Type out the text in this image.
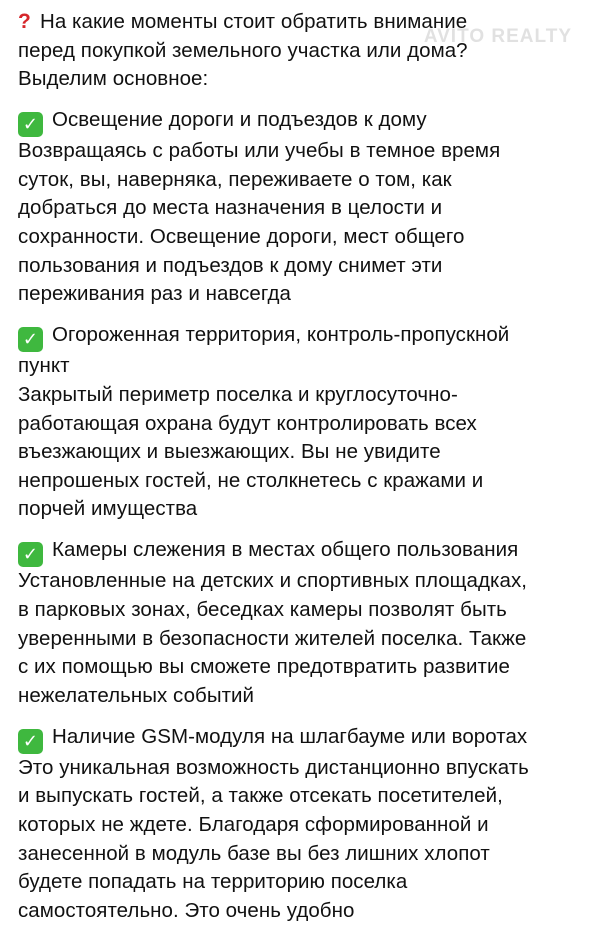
AVITO REALTY
? На какие моменты стоит обратить внимание
перед покупкой земельного участка или дома?
Выделим основное:
✓ Освещение дороги и подъездов к дому
Возвращаясь с работы или учебы в темное время
суток, вы, наверняка, переживаете о том, как
добраться до места назначения в целости и
сохранности. Освещение дороги, мест общего
пользования и подъездов к дому снимет эти
переживания раз и навсегда
✓ Огороженная территория, контроль-пропускной
пункт
Закрытый периметр поселка и круглосуточно-
работающая охрана будут контролировать всех
въезжающих и выезжающих. Вы не увидите
непрошеных гостей, не столкнетесь с кражами и
порчей имущества
✓ Камеры слежения в местах общего пользования
Установленные на детских и спортивных площадках,
в парковых зонах, беседках камеры позволят быть
уверенными в безопасности жителей поселка. Также
с их помощью вы сможете предотвратить развитие
нежелательных событий
✓ Наличие GSM-модуля на шлагбауме или воротах
Это уникальная возможность дистанционно впускать
и выпускать гостей, а также отсекать посетителей,
которых не ждете. Благодаря сформированной и
занесенной в модуль базе вы без лишних хлопот
будете попадать на территорию поселка
самостоятельно. Это очень удобно
